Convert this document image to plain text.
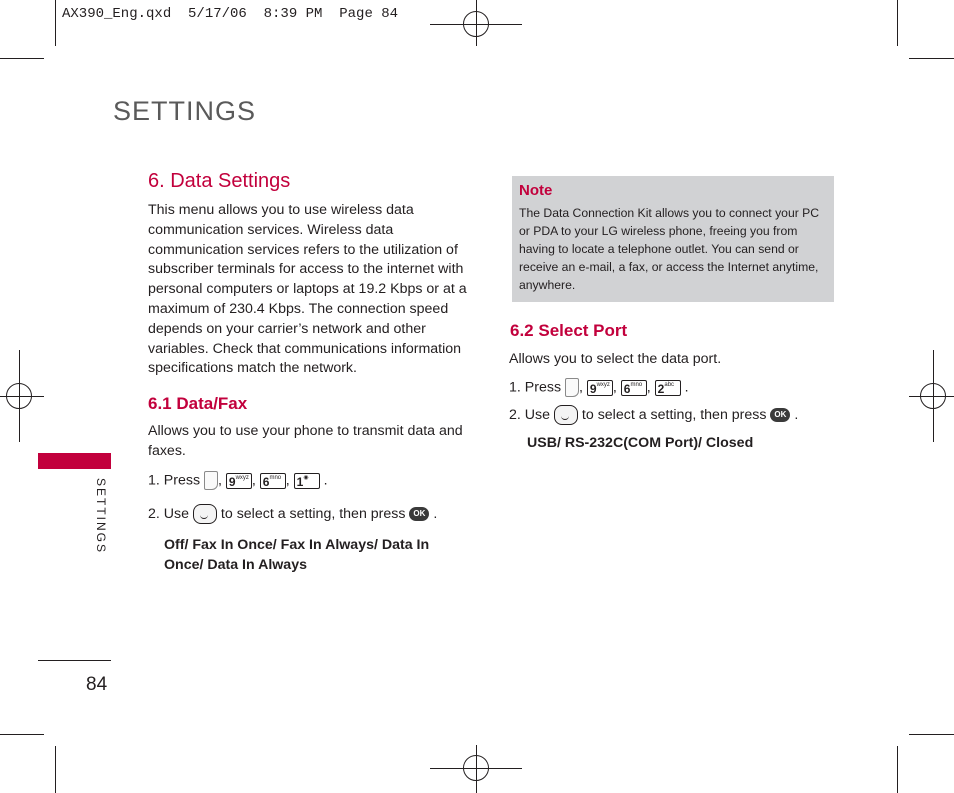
AX390_Eng.qxd  5/17/06  8:39 PM  Page 84
SETTINGS
6. Data Settings
This menu allows you to use wireless data communication services. Wireless data communication services refers to the utilization of subscriber terminals for access to the internet with personal computers or laptops at 19.2 Kbps or at a maximum of 230.4 Kbps. The connection speed depends on your carrier’s network and other variables. Check that communications information specifications match the network.
6.1 Data/Fax
Allows you to use your phone to transmit data and faxes.
1. Press , $9^{wxyz}$ , $6^{mno}$ , 1◉ .
2. Use to select a setting, then press OK .
Off/ Fax In Once/ Fax In Always/ Data In Once/ Data In Always
Note
The Data Connection Kit allows you to connect your PC or PDA to your LG wireless phone, freeing you from having to locate a telephone outlet. You can send or receive an e-mail, a fax, or access the Internet anytime, anywhere.
6.2 Select Port
Allows you to select the data port.
1. Press , $9^{wxyz}$ , $6^{mno}$ , $2^{abc}$ .
2. Use to select a setting, then press OK .
USB/ RS-232C(COM Port)/ Closed
SETTINGS
84
